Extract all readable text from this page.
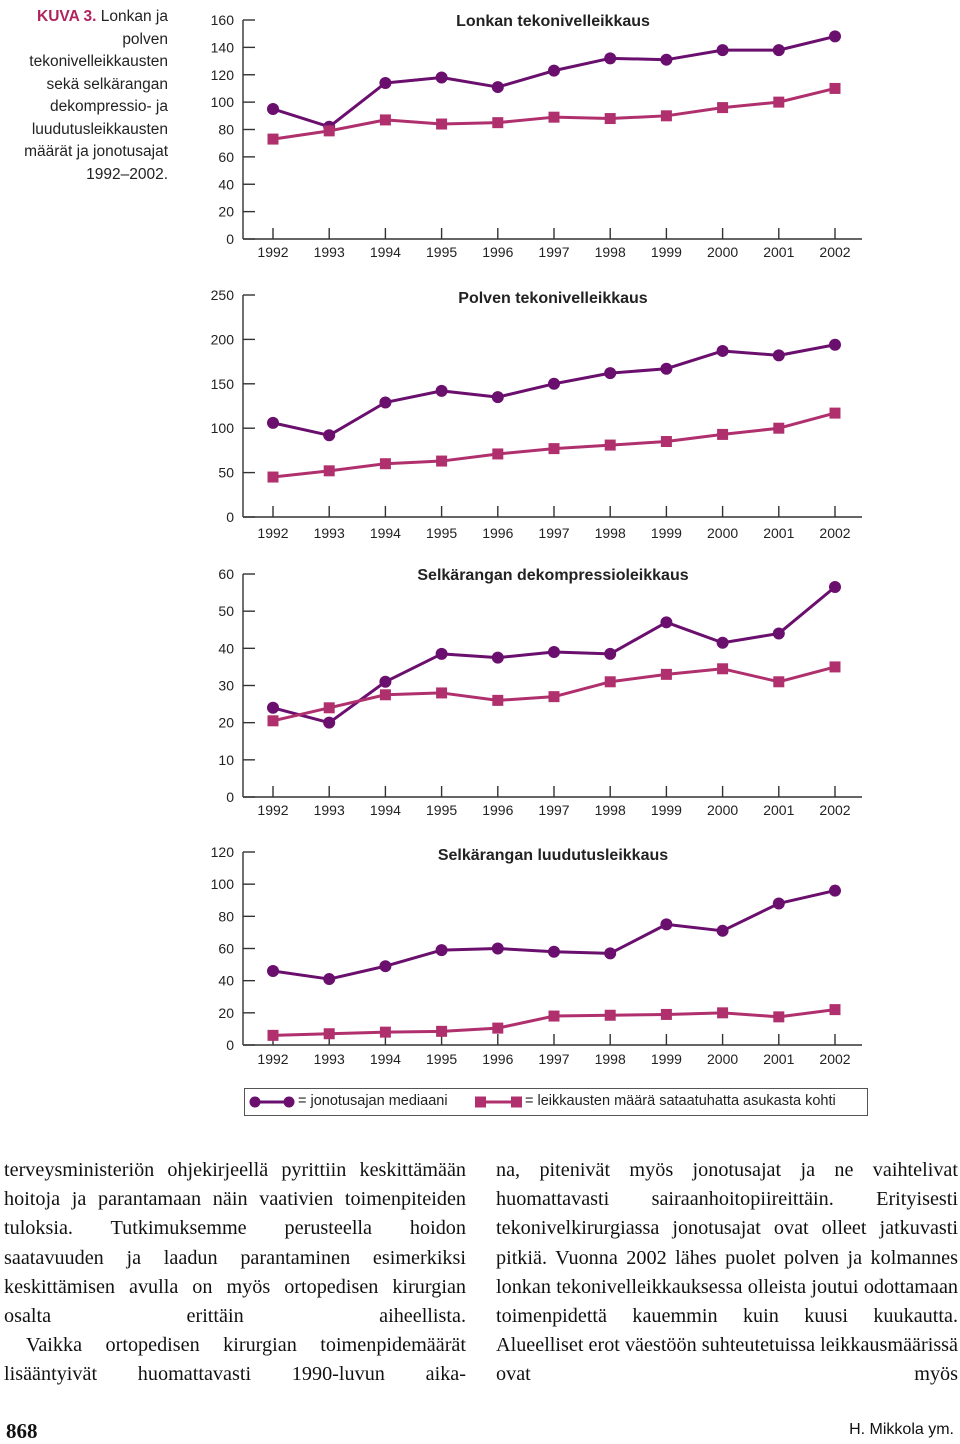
KUVA 3. Lonkan ja polven tekonivelleikkausten sekä selkärangan dekompressio- ja luudutusleikkausten määrät ja jonotusajat 1992–2002.
0
20
40
60
80
100
120
140
160
1992 1993 1994 1995 1996 1997 1998 1999 2000 2001 2002
Lonkan tekonivelleikkaus
0
50
100
150
200
250
1992 1993 1994 1995 1996 1997 1998 1999 2000 2001 2002
Polven tekonivelleikkaus
0
10
20
30
40
50
60
1992 1993 1994 1995 1996 1997 1998 1999 2000 2001 2002
Selkärangan dekompressioleikkaus
0
20
40
60
80
100
120
1992 1993 1994 1995 1996 1997 1998 1999 2000 2001 2002
Selkärangan luudutusleikkaus
= jonotusajan mediaani	= leikkausten määrä sataatuhatta asukasta kohti

terveysministeriön ohjekirjeellä pyrittiin keskittämään hoitoja ja parantamaan näin vaativien toimenpiteiden tuloksia. Tutkimuksemme perusteella hoidon saatavuuden ja laadun parantaminen esimerkiksi keskittämisen avulla on myös ortopedisen kirurgian osalta erittäin aiheellista.

Vaikka ortopedisen kirurgian toimenpidemäärät lisääntyivät huomattavasti 1990-luvun aika-

na, pitenivät myös jonotusajat ja ne vaihtelivat huomattavasti sairaanhoitopiireittäin. Erityisesti tekonivelkirurgiassa jonotusajat ovat olleet jatkuvasti pitkiä. Vuonna 2002 lähes puolet polven ja kolmannes lonkan tekonivelleikkauksessa olleista joutui odottamaan toimenpidettä kauemmin kuin kuusi kuukautta. Alueelliset erot väestöön suhteutetuissa leikkausmäärissä ovat myös

868	H. Mikkola ym.
